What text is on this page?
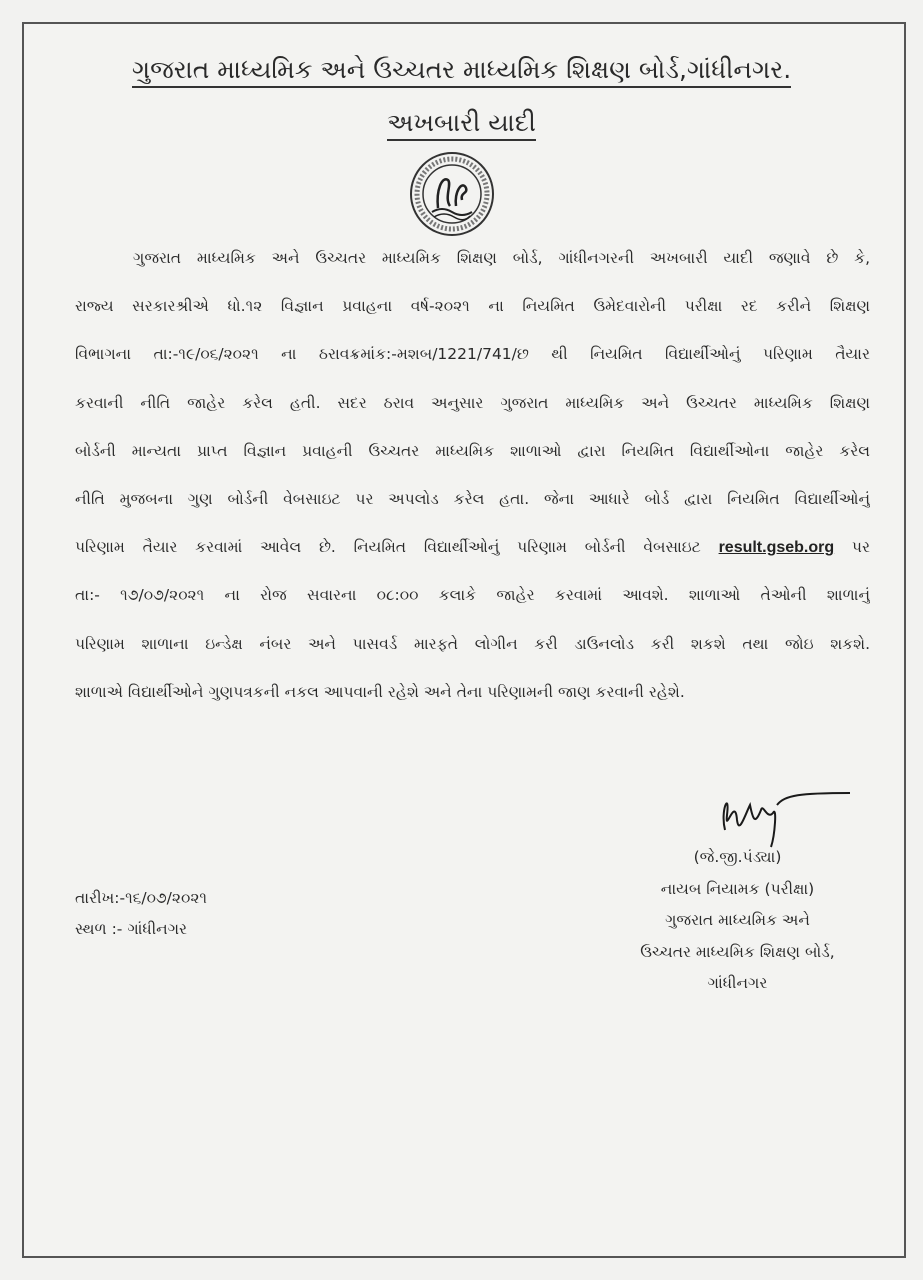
ગુજરાત માધ્યમિક અને ઉચ્ચતર માધ્યમિક શિક્ષણ બોર્ડ,ગાંધીનગર.
અખબારી યાદી
ગુજરાત માધ્યમિક અને ઉચ્ચતર માધ્યમિક શિક્ષણ બોર્ડ, ગાંધીનગરની અખબારી યાદી જણાવે છે કે,
રાજ્ય સરકારશ્રીએ ધો.૧૨ વિજ્ઞાન પ્રવાહના વર્ષ-૨૦૨૧ ના નિયમિત ઉમેદવારોની પરીક્ષા રદ કરીને શિક્ષણ
વિભાગના તા:-૧૯/૦૬/૨૦૨૧ ના ઠરાવક્રમાંક:-મશબ/1221/741/છ થી નિયમિત વિદ્યાર્થીઓનું પરિણામ તૈયાર
કરવાની નીતિ જાહેર કરેલ હતી. સદર ઠરાવ અનુસાર ગુજરાત માધ્યમિક અને ઉચ્ચતર માધ્યમિક શિક્ષણ
બોર્ડની માન્યતા પ્રાપ્ત વિજ્ઞાન પ્રવાહની ઉચ્ચતર માધ્યમિક શાળાઓ દ્વારા નિયમિત વિદ્યાર્થીઓના જાહેર કરેલ
નીતિ મુજબના ગુણ બોર્ડની વેબસાઇટ પર અપલોડ કરેલ હતા. જેના આધારે બોર્ડ દ્વારા નિયમિત વિદ્યાર્થીઓનું
પરિણામ તૈયાર કરવામાં આવેલ છે. નિયમિત વિદ્યાર્થીઓનું પરિણામ બોર્ડની વેબસાઇટ result.gseb.org પર
તા:- ૧૭/૦૭/૨૦૨૧ ના રોજ સવારના ૦૮:૦૦ કલાકે જાહેર કરવામાં આવશે. શાળાઓ તેઓની શાળાનું
પરિણામ શાળાના ઇન્ડેક્ષ નંબર અને પાસવર્ડ મારફતે લોગીન કરી ડાઉનલોડ કરી શકશે તથા જોઇ શકશે.
શાળાએ વિદ્યાર્થીઓને ગુણપત્રકની નકલ આપવાની રહેશે અને તેના પરિણામની જાણ કરવાની રહેશે.
તારીખ:-૧૬/૦૭/૨૦૨૧
સ્થળ :- ગાંધીનગર
(જે.જી.પંડ્યા)
નાયબ નિયામક (પરીક્ષા)
ગુજરાત માધ્યમિક અને
ઉચ્ચતર માધ્યમિક શિક્ષણ બોર્ડ,
ગાંધીનગર
